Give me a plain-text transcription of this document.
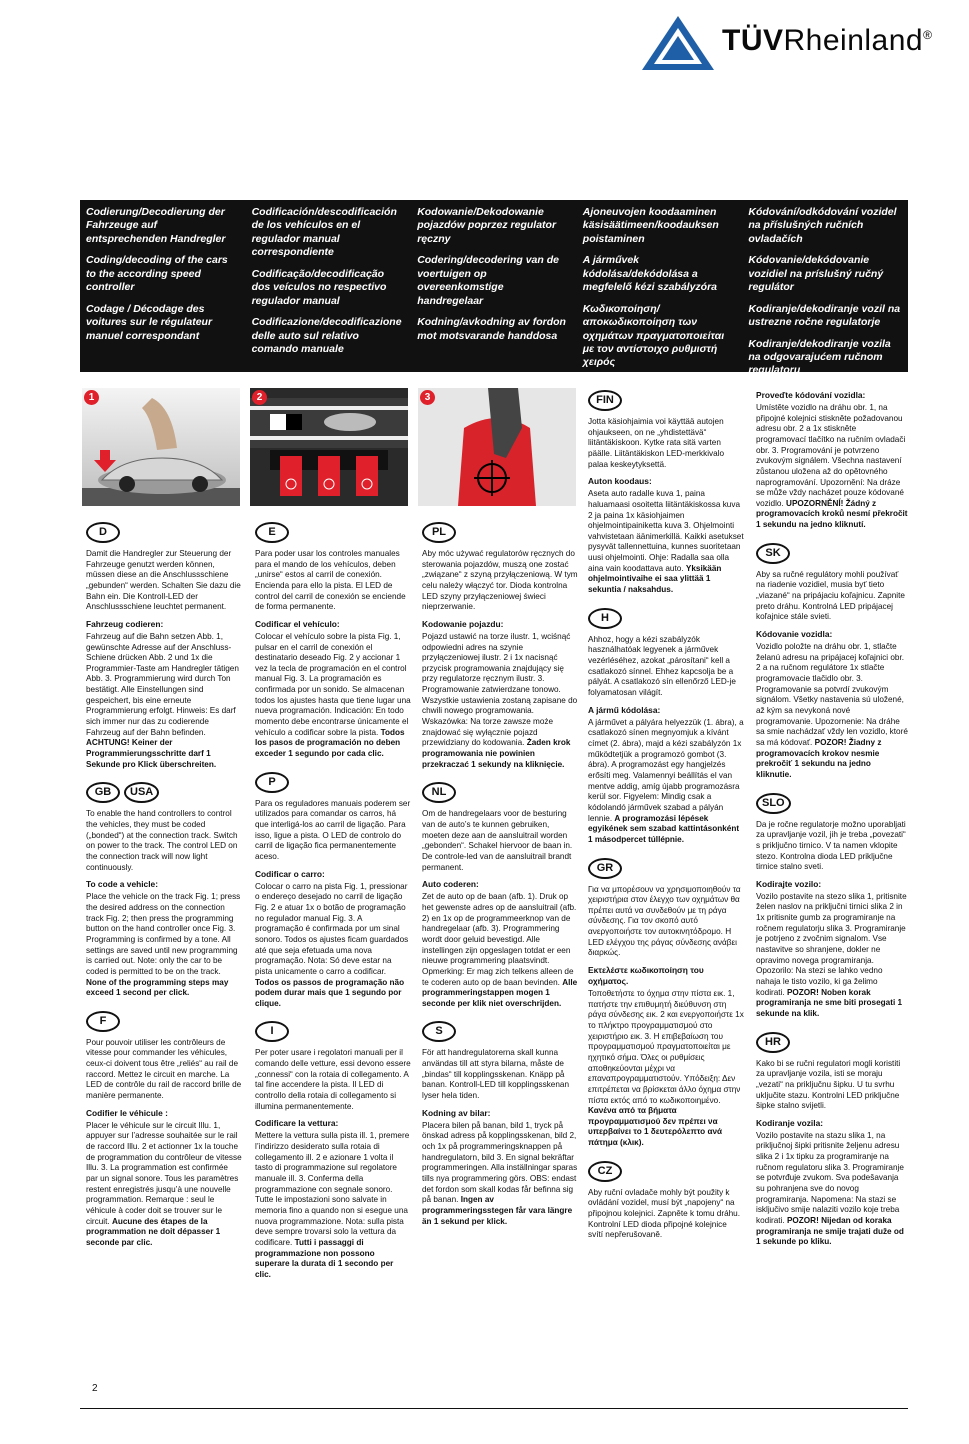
TÜVRheinland®

Codierung/Decodierung der Fahrzeuge auf entsprechenden Handregler

Coding/decoding of the cars to the according speed controller

Codage / Décodage des voitures sur le régulateur manuel correspondant

Codificación/descodificación de los vehículos en el regulador manual correspondiente

Codificação/decodificação dos veículos no respectivo regulador manual

Codificazione/decodificazione delle auto sul relativo comando manuale

Kodowanie/Dekodowanie pojazdów poprzez regulator ręczny

Codering/decodering van de voertuigen op overeenkomstige handregelaar

Kodning/avkodning av fordon mot motsvarande handdosa

Ajoneuvojen koodaaminen käsisäätimeen/koodauksen poistaminen

A járművek kódolása/dekódolása a megfelelő kézi szabályzóra

Κωδικοποίηση/αποκωδικοποίηση των οχημάτων πραγματοποιείται με τον αντίστοιχο ρυθμιστή χειρός

Kódování/odkódování vozidel na příslušných ručních ovladačích

Kódovanie/dekódovanie vozidiel na príslušný ručný regulátor

Kodiranje/dekodiranje vozil na ustrezne ročne regulatorje

Kodiranje/dekodiranje vozila na odgovarajućem ručnom regulatoru

1	2	3
D

Damit die Handregler zur Steuerung der Fahrzeuge genutzt werden können, müssen diese an die Anschlussschiene „gebunden“ werden. Schalten Sie dazu die Bahn ein. Die Kontroll-LED der Anschlussschiene leuchtet permanent.

Fahrzeug codieren:

Fahrzeug auf die Bahn setzen Abb. 1, gewünschte Adresse auf der Anschluss-Schiene drücken Abb. 2 und 1x die Programmier-Taste am Handregler tätigen Abb. 3. Programmierung wird durch Ton bestätigt. Alle Einstellungen sind gespeichert, bis eine erneute Programmierung erfolgt. Hinweis: Es darf sich immer nur das zu codierende Fahrzeug auf der Bahn befinden. ACHTUNG! Keiner der Programmierungsschritte darf 1 Sekunde pro Klick überschreiten.

GB USA

To enable the hand controllers to control the vehicles, they must be coded („bonded“) at the connection track. Switch on power to the track. The control LED on the connection track will now light continuously.

To code a vehicle:

Place the vehicle on the track Fig. 1; press the desired address on the connection track Fig. 2; then press the programming button on the hand controller once Fig. 3. Programming is confirmed by a tone. All settings are saved until new programming is carried out. Note: only the car to be coded is permitted to be on the track. None of the programming steps may exceed 1 second per click.

F

Pour pouvoir utiliser les contrôleurs de vitesse pour commander les véhicules, ceux-ci doivent tous être „reliés“ au rail de raccord. Mettez le circuit en marche. La LED de contrôle du rail de raccord brille de manière permanente.

Codifier le véhicule :

Placer le véhicule sur le circuit Illu. 1, appuyer sur l’adresse souhaitée sur le rail de raccord Illu. 2 et actionner 1x la touche de programmation du contrôleur de vitesse Illu. 3. La programmation est confirmée par un signal sonore. Tous les paramètres restent enregistrés jusqu’à une nouvelle programmation. Remarque : seul le véhicule à coder doit se trouver sur le circuit. Aucune des étapes de la programmation ne doit dépasser 1 seconde par clic.

E

Para poder usar los controles manuales para el mando de los vehículos, deben „unirse“ estos al carril de conexión. Encienda para ello la pista. El LED de control del carril de conexión se enciende de forma permanente.

Codificar el vehículo:

Colocar el vehículo sobre la pista Fig. 1, pulsar en el carril de conexión el destinatario deseado Fig. 2 y accionar 1 vez la tecla de programación en el control manual Fig. 3. La programación es confirmada por un sonido. Se almacenan todos los ajustes hasta que tiene lugar una nueva programación. Indicación: En todo momento debe encontrarse únicamente el vehículo a codificar sobre la pista. Todos los pasos de programación no deben exceder 1 segundo por cada clic.

P

Para os reguladores manuais poderem ser utilizados para comandar os carros, há que interligá-los ao carril de ligação. Para isso, ligue a pista. O LED de controlo do carril de ligação fica permanentemente aceso.

Codificar o carro:

Colocar o carro na pista Fig. 1, pressionar o endereço desejado no carril de ligação Fig. 2 e atuar 1x o botão de programação no regulador manual Fig. 3. A programação é confirmada por um sinal sonoro. Todos os ajustes ficam guardados até que seja efetuada uma nova programação. Nota: Só deve estar na pista unicamente o carro a codificar. Todos os passos de programação não podem durar mais que 1 segundo por clique.

I

Per poter usare i regolatori manuali per il comando delle vetture, essi devono essere „connessi“ con la rotaia di collegamento. A tal fine accendere la pista. Il LED di controllo della rotaia di collegamento si illumina permanentemente.

Codificare la vettura:

Mettere la vettura sulla pista ill. 1, premere l’indirizzo desiderato sulla rotaia di collegamento ill. 2 e azionare 1 volta il tasto di programmazione sul regolatore manuale ill. 3. Conferma della programmazione con segnale sonoro. Tutte le impostazioni sono salvate in memoria fino a quando non si esegue una nuova programmazione. Nota: sulla pista deve sempre trovarsi solo la vettura da codificare. Tutti i passaggi di programmazione non possono superare la durata di 1 secondo per clic.

PL

Aby móc używać regulatorów ręcznych do sterowania pojazdów, muszą one zostać „związane“ z szyną przyłączeniową. W tym celu należy włączyć tor. Dioda kontrolna LED szyny przyłączeniowej świeci nieprzerwanie.

Kodowanie pojazdu:

Pojazd ustawić na torze ilustr. 1, wciśnąć odpowiedni adres na szynie przyłączeniowej ilustr. 2 i 1x nacisnąć przycisk programowania znajdujący się przy regulatorze ręcznym ilustr. 3. Programowanie zatwierdzane tonowo. Wszystkie ustawienia zostaną zapisane do chwili nowego programowania. Wskazówka: Na torze zawsze może znajdować się wyłącznie pojazd przewidziany do kodowania. Żaden krok programowania nie powinien przekraczać 1 sekundy na kliknięcie.

NL

Om de handregelaars voor de besturing van de auto’s te kunnen gebruiken, moeten deze aan de aansluitrail worden „gebonden“. Schakel hiervoor de baan in. De controle-led van de aansluitrail brandt permanent.

Auto coderen:

Zet de auto op de baan (afb. 1). Druk op het gewenste adres op de aansluitrail (afb. 2) en 1x op de programmeerknop van de handregelaar (afb. 3). Programmering wordt door geluid bevestigd. Alle instellingen zijn opgeslagen totdat er een nieuwe programmering plaatsvindt. Opmerking: Er mag zich telkens alleen de te coderen auto op de baan bevinden. Alle programmeringstappen mogen 1 seconde per klik niet overschrijden.

S

För att handregulatorerna skall kunna användas till att styra bilarna, måste de „bindas“ till kopplingsskenan. Knäpp på banan. Kontroll-LED till kopplingsskenan lyser hela tiden.

Kodning av bilar:

Placera bilen på banan, bild 1, tryck på önskad adress på kopplingsskenan, bild 2, och 1x på programmeringsknappen på handregulatorn, bild 3. En signal bekräftar programmeringen. Alla inställningar sparas tills nya programmering görs. OBS: endast det fordon som skall kodas får befinna sig på banan. Ingen av programmeringsstegen får vara längre än 1 sekund per klick.

FIN

Jotta käsiohjaimia voi käyttää autojen ohjaukseen, on ne „yhdistettävä“ liitäntäkiskoon. Kytke rata sitä varten päälle. Liitäntäkiskon LED-merkkivalo palaa keskeytyksettä.

Auton koodaus:

Aseta auto radalle kuva 1, paina haluamaasi osoitetta liitäntäkiskossa kuva 2 ja paina 1x käsiohjaimen ohjelmointipainiketta kuva 3. Ohjelmointi vahvistetaan äänimerkillä. Kaikki asetukset pysyvät tallennettuina, kunnes suoritetaan uusi ohjelmointi. Ohje: Radalla saa olla aina vain koodattava auto. Yksikään ohjelmointivaihe ei saa ylittää 1 sekuntia / naksahdus.

H

Ahhoz, hogy a kézi szabályzók használhatóak legyenek a járművek vezérléséhez, azokat „párosítani“ kell a csatlakozó sínnel. Ehhez kapcsolja be a pályát. A csatlakozó sín ellenőrző LED-je folyamatosan világít.

A jármű kódolása:

A járművet a pályára helyezzük (1. ábra), a csatlakozó sínen megnyomjuk a kívánt címet (2. ábra), majd a kézi szabályzón 1x működtetjük a programozó gombot (3. ábra). A programozást egy hangjelzés erősíti meg. Valamennyi beállítás el van mentve addig, amíg újabb programozásra kerül sor. Figyelem: Mindig csak a kódolandó járművek szabad a pályán lennie. A programozási lépések egyikének sem szabad kattintásonként 1 másodpercet túllépnie.

GR

Για να μπορέσουν να χρησιμοποιηθούν τα χειριστήρια στον έλεγχο των οχημάτων θα πρέπει αυτά να συνδεθούν με τη ράγα σύνδεσης. Για τον σκοπό αυτό ανεργοποιήστε τον αυτοκινητόδρομο. Η LED ελέγχου της ράγας σύνδεσης ανάβει διαρκώς.

Εκτελέστε κωδικοποίηση του οχήματος.

Τοποθετήστε το όχημα στην πίστα εικ. 1, πατήστε την επιθυμητή διεύθυνση στη ράγα σύνδεσης εικ. 2 και ενεργοποιήστε 1x το πλήκτρο προγραμματισμού στο χειριστήριο εικ. 3. Η επιβεβαίωση του προγραμματισμού πραγματοποιείται με ηχητικό σήμα. Όλες οι ρυθμίσεις αποθηκεύονται μέχρι να επαναπρογραμματιστούν. Υπόδειξη: Δεν επιτρέπεται να βρίσκεται άλλο όχημα στην πίστα εκτός από το κωδικοποιημένο. Κανένα από τα βήματα προγραμματισμού δεν πρέπει να υπερβαίνει το 1 δευτερόλεπτο ανά πάτημα (κλικ).

CZ

Aby ruční ovladače mohly být použity k ovládání vozidel, musí být „napojeny“ na připojnou kolejnici. Zapněte k tomu dráhu. Kontrolní LED dioda připojné kolejnice svítí nepřerušovaně.

Proveďte kódování vozidla:

Umístěte vozidlo na dráhu obr. 1, na připojné kolejnici stiskněte požadovanou adresu obr. 2 a 1x stiskněte programovací tlačítko na ručním ovladači obr. 3. Programování je potvrzeno zvukovým signálem. Všechna nastavení zůstanou uložena až do opětovného naprogramování. Upozornění: Na dráze se může vždy nacházet pouze kódované vozidlo. UPOZORNĚNÍ! Žádný z programovacích kroků nesmí překročit 1 sekundu na jedno kliknutí.

SK

Aby sa ručné regulátory mohli používať na riadenie vozidiel, musia byť tieto „viazané“ na pripájaciu koľajnicu. Zapnite preto dráhu. Kontrolná LED pripájacej koľajnice stále svieti.

Kódovanie vozidla:

Vozidlo položte na dráhu obr. 1, stlačte želanú adresu na pripájacej koľajnici obr. 2 a na ručnom regulátore 1x stlačte programovacie tlačidlo obr. 3. Programovanie sa potvrdí zvukovým signálom. Všetky nastavenia sú uložené, až kým sa nevykoná nové programovanie. Upozornenie: Na dráhe sa smie nachádzať vždy len vozidlo, ktoré sa má kódovať. POZOR! Žiadny z programovacích krokov nesmie prekročiť 1 sekundu na jedno kliknutie.

SLO

Da je ročne regulatorje možno uporabljati za upravljanje vozil, jih je treba „povezati“ s priključno tirnico. V ta namen vklopite stezo. Kontrolna dioda LED priključne tirnice stalno sveti.

Kodirajte vozilo:

Vozilo postavite na stezo slika 1, pritisnite želen naslov na priključni tirnici slika 2 in 1x pritisnite gumb za programiranje na ročnem regulatorju slika 3. Programiranje je potrjeno z zvočnim signalom. Vse nastavitve so shranjene, dokler ne opravimo novega programiranja. Opozorilo: Na stezi se lahko vedno nahaja le tisto vozilo, ki ga želimo kodirati. POZOR! Noben korak programiranja ne sme biti prosegati 1 sekunde na klik.

HR

Kako bi se ručni regulatori mogli koristiti za upravljanje vozila, isti se moraju „vezati“ na priključnu šipku. U tu svrhu uključite stazu. Kontrolni LED priključne šipke stalno svijetli.

Kodiranje vozila:

Vozilo postavite na stazu slika 1, na priključnoj šipki pritisnite željenu adresu slika 2 i 1x tipku za programiranje na ručnom regulatoru slika 3. Programiranje se potvrđuje zvukom. Sva podešavanja su pohranjena sve do novog programiranja. Napomena: Na stazi se isključivo smije nalaziti vozilo koje treba kodirati. POZOR! Nijedan od koraka programiranja ne smije trajati duže od 1 sekunde po kliku.

2
